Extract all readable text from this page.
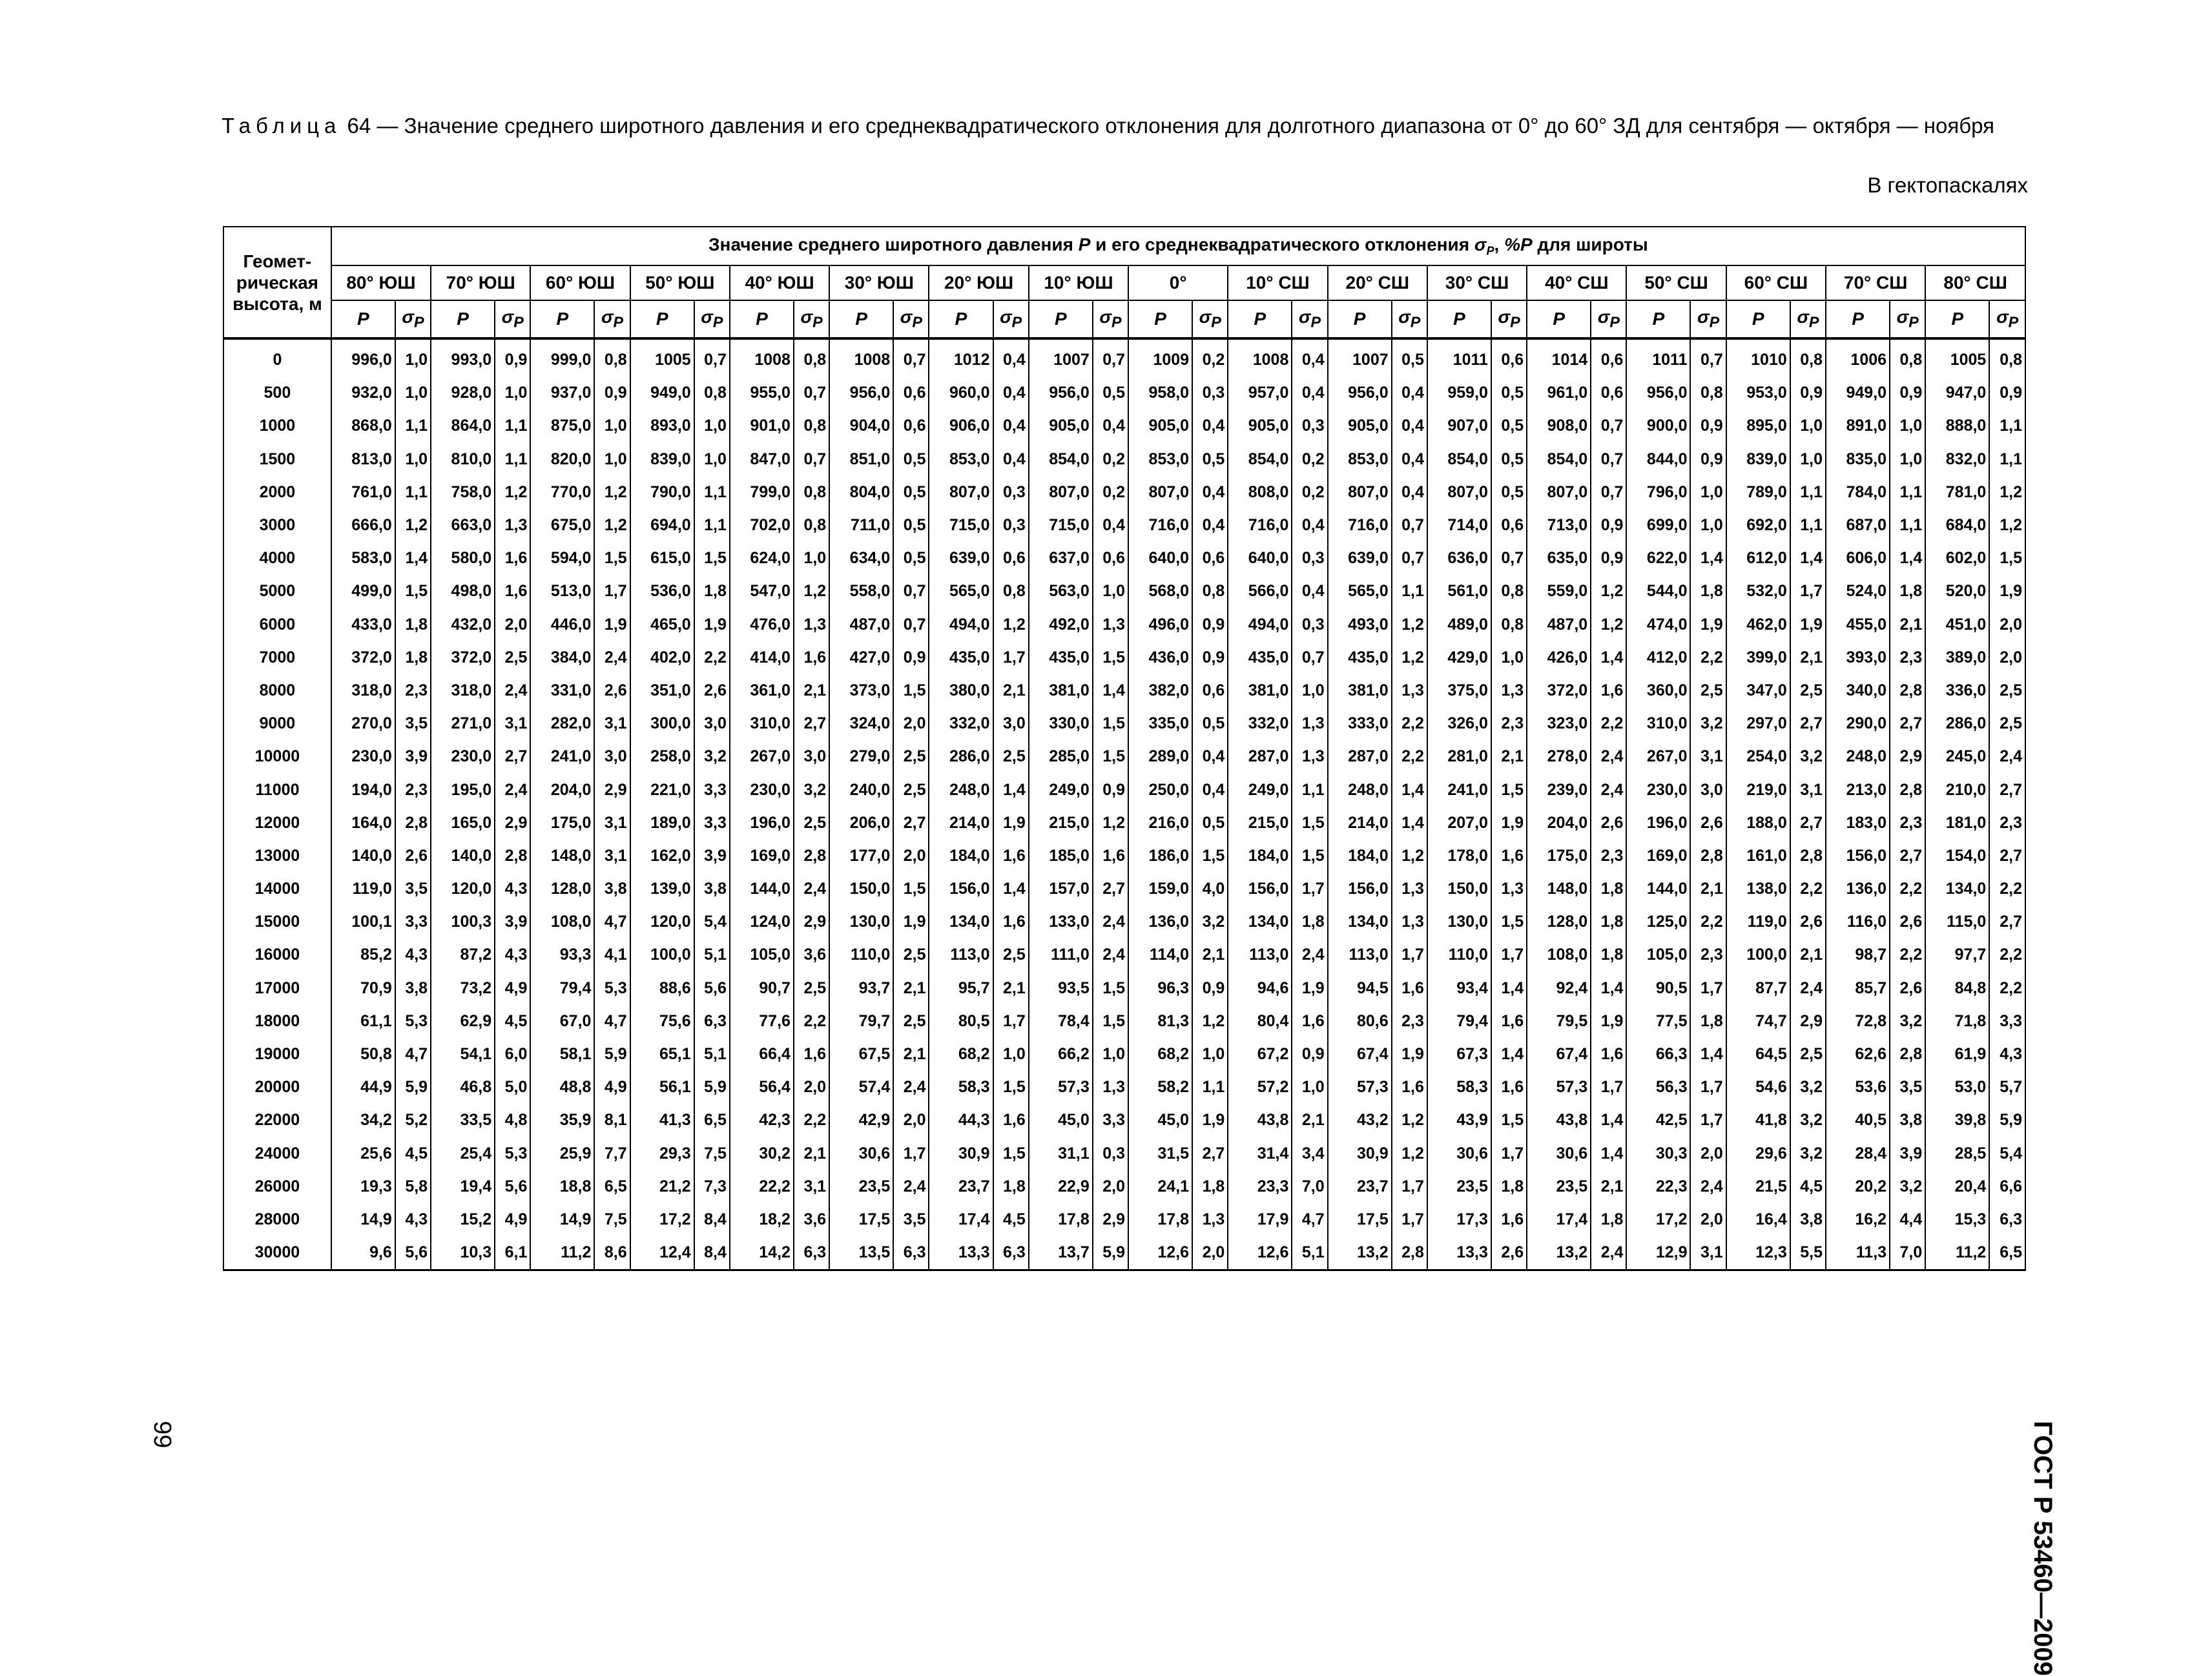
Таблица 64 — Значение среднего широтного давления и его среднеквадратического отклонения для долготного диапазона от 0° до 60° ЗД для сентября — октября — ноября
В гектопаскалях
Геомет-
рическая
высота, м	Значение среднего широтного давления P и его среднеквадратического отклонения $\sigma_P$, %P для широты																																	
	80° ЮШ		70° ЮШ		60° ЮШ		50° ЮШ		40° ЮШ		30° ЮШ		20° ЮШ		10° ЮШ		0°		10° СШ		20° СШ		30° СШ		40° СШ		50° СШ		60° СШ		70° СШ		80° СШ	
	P	$\sigma_P$	P	$\sigma_P$	P	$\sigma_P$	P	$\sigma_P$	P	$\sigma_P$	P	$\sigma_P$	P	$\sigma_P$	P	$\sigma_P$	P	$\sigma_P$	P	$\sigma_P$	P	$\sigma_P$	P	$\sigma_P$	P	$\sigma_P$	P	$\sigma_P$	P	$\sigma_P$	P	$\sigma_P$	P	$\sigma_P$
0	996,0	1,0	993,0	0,9	999,0	0,8	1005	0,7	1008	0,8	1008	0,7	1012	0,4	1007	0,7	1009	0,2	1008	0,4	1007	0,5	1011	0,6	1014	0,6	1011	0,7	1010	0,8	1006	0,8	1005	0,8
500	932,0	1,0	928,0	1,0	937,0	0,9	949,0	0,8	955,0	0,7	956,0	0,6	960,0	0,4	956,0	0,5	958,0	0,3	957,0	0,4	956,0	0,4	959,0	0,5	961,0	0,6	956,0	0,8	953,0	0,9	949,0	0,9	947,0	0,9
1000	868,0	1,1	864,0	1,1	875,0	1,0	893,0	1,0	901,0	0,8	904,0	0,6	906,0	0,4	905,0	0,4	905,0	0,4	905,0	0,3	905,0	0,4	907,0	0,5	908,0	0,7	900,0	0,9	895,0	1,0	891,0	1,0	888,0	1,1
1500	813,0	1,0	810,0	1,1	820,0	1,0	839,0	1,0	847,0	0,7	851,0	0,5	853,0	0,4	854,0	0,2	853,0	0,5	854,0	0,2	853,0	0,4	854,0	0,5	854,0	0,7	844,0	0,9	839,0	1,0	835,0	1,0	832,0	1,1
2000	761,0	1,1	758,0	1,2	770,0	1,2	790,0	1,1	799,0	0,8	804,0	0,5	807,0	0,3	807,0	0,2	807,0	0,4	808,0	0,2	807,0	0,4	807,0	0,5	807,0	0,7	796,0	1,0	789,0	1,1	784,0	1,1	781,0	1,2
3000	666,0	1,2	663,0	1,3	675,0	1,2	694,0	1,1	702,0	0,8	711,0	0,5	715,0	0,3	715,0	0,4	716,0	0,4	716,0	0,4	716,0	0,7	714,0	0,6	713,0	0,9	699,0	1,0	692,0	1,1	687,0	1,1	684,0	1,2
4000	583,0	1,4	580,0	1,6	594,0	1,5	615,0	1,5	624,0	1,0	634,0	0,5	639,0	0,6	637,0	0,6	640,0	0,6	640,0	0,3	639,0	0,7	636,0	0,7	635,0	0,9	622,0	1,4	612,0	1,4	606,0	1,4	602,0	1,5
5000	499,0	1,5	498,0	1,6	513,0	1,7	536,0	1,8	547,0	1,2	558,0	0,7	565,0	0,8	563,0	1,0	568,0	0,8	566,0	0,4	565,0	1,1	561,0	0,8	559,0	1,2	544,0	1,8	532,0	1,7	524,0	1,8	520,0	1,9
6000	433,0	1,8	432,0	2,0	446,0	1,9	465,0	1,9	476,0	1,3	487,0	0,7	494,0	1,2	492,0	1,3	496,0	0,9	494,0	0,3	493,0	1,2	489,0	0,8	487,0	1,2	474,0	1,9	462,0	1,9	455,0	2,1	451,0	2,0
7000	372,0	1,8	372,0	2,5	384,0	2,4	402,0	2,2	414,0	1,6	427,0	0,9	435,0	1,7	435,0	1,5	436,0	0,9	435,0	0,7	435,0	1,2	429,0	1,0	426,0	1,4	412,0	2,2	399,0	2,1	393,0	2,3	389,0	2,0
8000	318,0	2,3	318,0	2,4	331,0	2,6	351,0	2,6	361,0	2,1	373,0	1,5	380,0	2,1	381,0	1,4	382,0	0,6	381,0	1,0	381,0	1,3	375,0	1,3	372,0	1,6	360,0	2,5	347,0	2,5	340,0	2,8	336,0	2,5
9000	270,0	3,5	271,0	3,1	282,0	3,1	300,0	3,0	310,0	2,7	324,0	2,0	332,0	3,0	330,0	1,5	335,0	0,5	332,0	1,3	333,0	2,2	326,0	2,3	323,0	2,2	310,0	3,2	297,0	2,7	290,0	2,7	286,0	2,5
10000	230,0	3,9	230,0	2,7	241,0	3,0	258,0	3,2	267,0	3,0	279,0	2,5	286,0	2,5	285,0	1,5	289,0	0,4	287,0	1,3	287,0	2,2	281,0	2,1	278,0	2,4	267,0	3,1	254,0	3,2	248,0	2,9	245,0	2,4
11000	194,0	2,3	195,0	2,4	204,0	2,9	221,0	3,3	230,0	3,2	240,0	2,5	248,0	1,4	249,0	0,9	250,0	0,4	249,0	1,1	248,0	1,4	241,0	1,5	239,0	2,4	230,0	3,0	219,0	3,1	213,0	2,8	210,0	2,7
12000	164,0	2,8	165,0	2,9	175,0	3,1	189,0	3,3	196,0	2,5	206,0	2,7	214,0	1,9	215,0	1,2	216,0	0,5	215,0	1,5	214,0	1,4	207,0	1,9	204,0	2,6	196,0	2,6	188,0	2,7	183,0	2,3	181,0	2,3
13000	140,0	2,6	140,0	2,8	148,0	3,1	162,0	3,9	169,0	2,8	177,0	2,0	184,0	1,6	185,0	1,6	186,0	1,5	184,0	1,5	184,0	1,2	178,0	1,6	175,0	2,3	169,0	2,8	161,0	2,8	156,0	2,7	154,0	2,7
14000	119,0	3,5	120,0	4,3	128,0	3,8	139,0	3,8	144,0	2,4	150,0	1,5	156,0	1,4	157,0	2,7	159,0	4,0	156,0	1,7	156,0	1,3	150,0	1,3	148,0	1,8	144,0	2,1	138,0	2,2	136,0	2,2	134,0	2,2
15000	100,1	3,3	100,3	3,9	108,0	4,7	120,0	5,4	124,0	2,9	130,0	1,9	134,0	1,6	133,0	2,4	136,0	3,2	134,0	1,8	134,0	1,3	130,0	1,5	128,0	1,8	125,0	2,2	119,0	2,6	116,0	2,6	115,0	2,7
16000	85,2	4,3	87,2	4,3	93,3	4,1	100,0	5,1	105,0	3,6	110,0	2,5	113,0	2,5	111,0	2,4	114,0	2,1	113,0	2,4	113,0	1,7	110,0	1,7	108,0	1,8	105,0	2,3	100,0	2,1	98,7	2,2	97,7	2,2
17000	70,9	3,8	73,2	4,9	79,4	5,3	88,6	5,6	90,7	2,5	93,7	2,1	95,7	2,1	93,5	1,5	96,3	0,9	94,6	1,9	94,5	1,6	93,4	1,4	92,4	1,4	90,5	1,7	87,7	2,4	85,7	2,6	84,8	2,2
18000	61,1	5,3	62,9	4,5	67,0	4,7	75,6	6,3	77,6	2,2	79,7	2,5	80,5	1,7	78,4	1,5	81,3	1,2	80,4	1,6	80,6	2,3	79,4	1,6	79,5	1,9	77,5	1,8	74,7	2,9	72,8	3,2	71,8	3,3
19000	50,8	4,7	54,1	6,0	58,1	5,9	65,1	5,1	66,4	1,6	67,5	2,1	68,2	1,0	66,2	1,0	68,2	1,0	67,2	0,9	67,4	1,9	67,3	1,4	67,4	1,6	66,3	1,4	64,5	2,5	62,6	2,8	61,9	4,3
20000	44,9	5,9	46,8	5,0	48,8	4,9	56,1	5,9	56,4	2,0	57,4	2,4	58,3	1,5	57,3	1,3	58,2	1,1	57,2	1,0	57,3	1,6	58,3	1,6	57,3	1,7	56,3	1,7	54,6	3,2	53,6	3,5	53,0	5,7
22000	34,2	5,2	33,5	4,8	35,9	8,1	41,3	6,5	42,3	2,2	42,9	2,0	44,3	1,6	45,0	3,3	45,0	1,9	43,8	2,1	43,2	1,2	43,9	1,5	43,8	1,4	42,5	1,7	41,8	3,2	40,5	3,8	39,8	5,9
24000	25,6	4,5	25,4	5,3	25,9	7,7	29,3	7,5	30,2	2,1	30,6	1,7	30,9	1,5	31,1	0,3	31,5	2,7	31,4	3,4	30,9	1,2	30,6	1,7	30,6	1,4	30,3	2,0	29,6	3,2	28,4	3,9	28,5	5,4
26000	19,3	5,8	19,4	5,6	18,8	6,5	21,2	7,3	22,2	3,1	23,5	2,4	23,7	1,8	22,9	2,0	24,1	1,8	23,3	7,0	23,7	1,7	23,5	1,8	23,5	2,1	22,3	2,4	21,5	4,5	20,2	3,2	20,4	6,6
28000	14,9	4,3	15,2	4,9	14,9	7,5	17,2	8,4	18,2	3,6	17,5	3,5	17,4	4,5	17,8	2,9	17,8	1,3	17,9	4,7	17,5	1,7	17,3	1,6	17,4	1,8	17,2	2,0	16,4	3,8	16,2	4,4	15,3	6,3
30000	9,6	5,6	10,3	6,1	11,2	8,6	12,4	8,4	14,2	6,3	13,5	6,3	13,3	6,3	13,7	5,9	12,6	2,0	12,6	5,1	13,2	2,8	13,3	2,6	13,2	2,4	12,9	3,1	12,3	5,5	11,3	7,0	11,2	6,5
99	ГОСТ Р 53460—2009
